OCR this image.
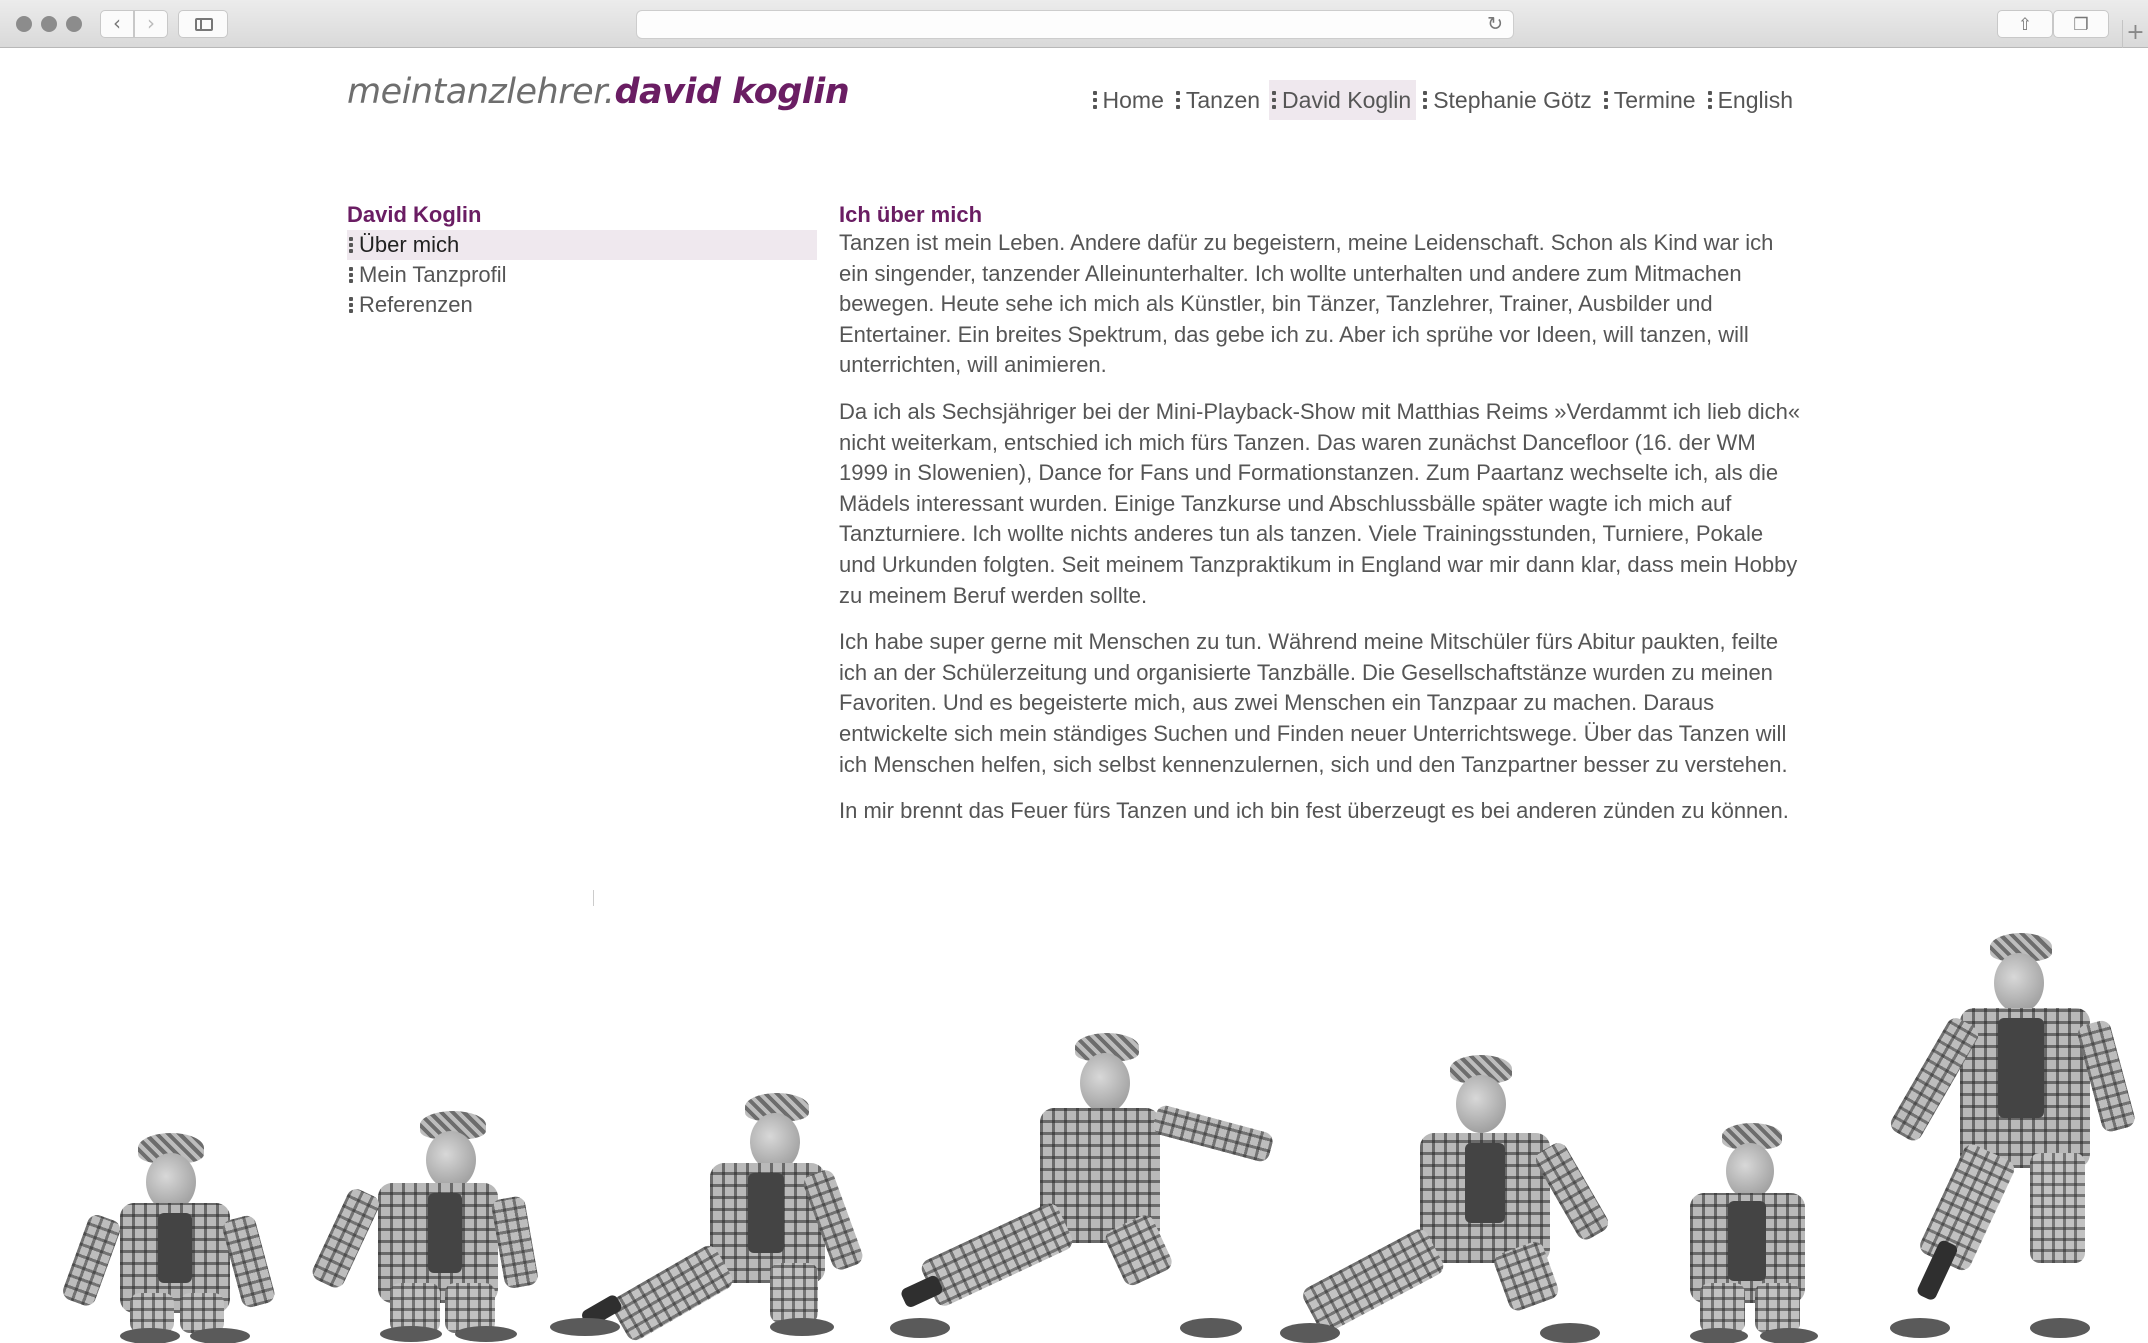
‹	›	↻	⇧	❐	+
meintanzlehrer.david koglin	Home Tanzen David Koglin Stephanie Götz Termine English
David Koglin
Über mich
Mein Tanzprofil
Referenzen
Ich über mich

Tanzen ist mein Leben. Andere dafür zu begeistern, meine Leidenschaft. Schon als Kind war ich ein singender, tanzender Alleinunterhalter. Ich wollte unterhalten und andere zum Mitmachen bewegen. Heute sehe ich mich als Künstler, bin Tänzer, Tanzlehrer, Trainer, Ausbilder und Entertainer. Ein breites Spektrum, das gebe ich zu. Aber ich sprühe vor Ideen, will tanzen, will unterrichten, will animieren.

Da ich als Sechsjähriger bei der Mini-Playback-Show mit Matthias Reims »Verdammt ich lieb dich« nicht weiterkam, entschied ich mich fürs Tanzen. Das waren zunächst Dancefloor (16. der WM 1999 in Slowenien), Dance for Fans und Formationstanzen. Zum Paartanz wechselte ich, als die Mädels interessant wurden. Einige Tanzkurse und Abschlussbälle später wagte ich mich auf Tanzturniere. Ich wollte nichts anderes tun als tanzen. Viele Trainingsstunden, Turniere, Pokale und Urkunden folgten. Seit meinem Tanzpraktikum in England war mir dann klar, dass mein Hobby zu meinem Beruf werden sollte.

Ich habe super gerne mit Menschen zu tun. Während meine Mitschüler fürs Abitur paukten, feilte ich an der Schülerzeitung und organisierte Tanzbälle. Die Gesellschaftstänze wurden zu meinen Favoriten. Und es begeisterte mich, aus zwei Menschen ein Tanzpaar zu machen. Daraus entwickelte sich mein ständiges Suchen und Finden neuer Unterrichtswege. Über das Tanzen will ich Menschen helfen, sich selbst kennenzulernen, sich und den Tanzpartner besser zu verstehen.

In mir brennt das Feuer fürs Tanzen und ich bin fest überzeugt es bei anderen zünden zu können.
